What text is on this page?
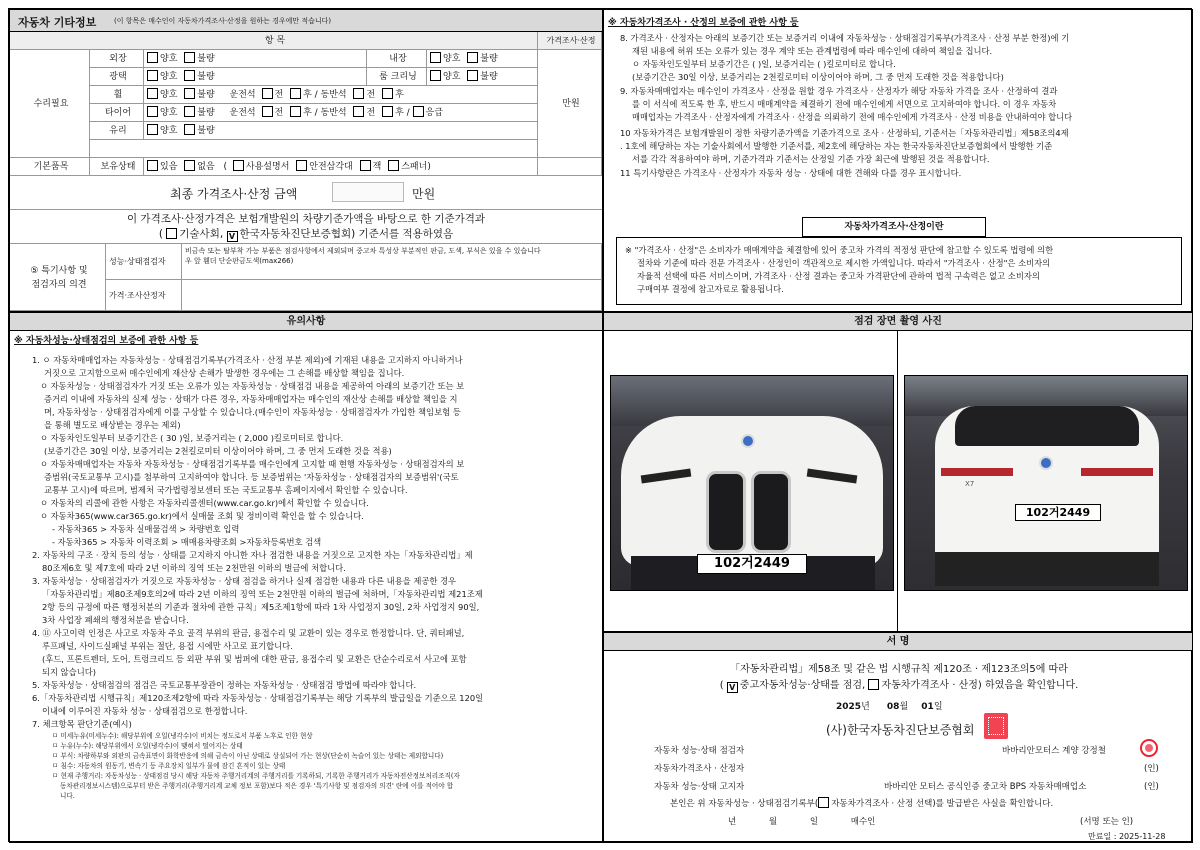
자동차 기타정보	(이 항목은 매수인이 자동차가격조사·산정을 원하는 경우에만 적습니다)
항 목	가격조사·산정
수리필요	만원
외장	양호 불량	내장	양호 불량
광택	양호 불량	룸 크리닝	양호 불량
휠	양호 불량 운전석 전 후 / 동반석 전 후
타이어	양호 불량 운전석 전 후 / 동반석 전 후 / 응급
유리	양호 불량
기본품목	보유상태	있음 없음 ( 사용설명서 안전삼각대 잭 스패너)
최종 가격조사·산정 금액	만원
이 가격조사·산정가격은 보험개발원의 차량기준가액을 바탕으로 한 기준가격과
( 기술사회, V 한국자동차진단보증협회) 기준서를 적용하였음
⑤ 특기사항 및
점검자의 의견
성능·상태점검자
비금속 또는 탈부착 가능 부품은 점검사항에서 제외되며 중고차 특성상 부분적인 판금, 도색, 부식은 있을 수 있습니다
우 앞 휀더 단순판금도색(max266)
가격·조사산정자
유의사항
※ 자동차성능·상태점검의 보증에 관한 사항 등
1. ㅇ 자동차매매업자는 자동차성능 · 상태점검기록부(가격조사 · 산정 부분 제외)에 기재된 내용을 고지하지 아니하거나
거짓으로 고지함으로써 매수인에게 재산상 손해가 발생한 경우에는 그 손해를 배상할 책임을 집니다.
ㅇ 자동차성능 · 상태점검자가 거짓 또는 오류가 있는 자동차성능 · 상태점검 내용을 제공하여 아래의 보증기간 또는 보
증거리 이내에 자동차의 실제 성능 · 상태가 다른 경우, 자동차매매업자는 매수인의 재산상 손해를 배상할 책임을 지
며, 자동차성능 · 상태점검자에게 이를 구상할 수 있습니다.(매수인이 자동차성능 · 상태점검자가 가입한 책임보험 등
을 통해 별도로 배상받는 경우는 제외)
ㅇ 자동차인도일부터 보증기간은 ( 30 )일, 보증거리는 ( 2,000 )킬로미터로 합니다.
(보증기간은 30일 이상, 보증거리는 2천킬로미터 이상이어야 하며, 그 중 먼저 도래한 것을 적용)
ㅇ 자동차매매업자는 자동차 자동차성능 · 상태점검기록부를 매수인에게 고지할 때 현행 자동차성능 · 상태점검자의 보
증범위(국토교통부 고시)를 첨부하여 고지하여야 합니다. 등 보증범위는 '자동차성능 · 상태점검자의 보증범위'(국토
교통부 고시)에 따르며, 범제처 국가법령정보센터 또는 국토교통부 홈페이지에서 확인할 수 있습니다.
ㅇ 자동차의 리콜에 관한 사항은 자동차리콜센터(www.car.go.kr)에서 확인할 수 있습니다.
ㅇ 자동차365(www.car365.go.kr)에서 실매물 조회 및 정비이력 확인을 할 수 있습니다.
- 자동차365 > 자동차 실매물검색 > 차량번호 입력
- 자동차365 > 자동차 이력조회 > 매매용차량조회 >자동차등록번호 검색
2. 자동차의 구조 · 장치 등의 성능 · 상태를 고지하지 아니한 자나 점검한 내용을 거짓으로 고지한 자는「자동차관리법」제
80조제6호 및 제7호에 따라 2년 이하의 징역 또는 2천만원 이하의 벌금에 처합니다.
3. 자동차성능 · 상태점검자가 거짓으로 자동차성능 · 상태 점검을 하거나 실제 점검한 내용과 다른 내용을 제공한 경우
「자동차관리법」제80조제9호의2에 따라 2년 이하의 징역 또는 2천만원 이하의 벌금에 처하며,「자동차관리법 제21조제
2항 등의 규정에 따른 행정처분의 기준과 절차에 관한 규칙」제5조제1항에 따라 1차 사업정지 30일, 2차 사업정지 90일,
3차 사업장 폐쇄의 행정처분을 받습니다.
4. ⑪ 사고이력 인정은 사고로 자동차 주요 골격 부위의 판금, 용접수리 및 교환이 있는 경우로 한정합니다. 단, 쿼터패널,
루프패널, 사이드실패널 부위는 절단, 용접 시에만 사고로 표기합니다.
(후드, 프론트펜더, 도어, 트렁크리드 등 외판 부위 및 범퍼에 대한 판금, 용접수리 및 교환은 단순수리로서 사고에 포함
되지 않습니다)
5. 자동차성능 · 상태점검의 점검은 국토교통부장관이 정하는 자동차성능 · 상태점검 방법에 따라야 합니다.
6.「자동차관리법 시행규칙」제120조제2항에 따라 자동차성능 · 상태점검기록부는 해당 기록부의 발급일을 기준으로 120일
이내에 이루어진 자동차 성능 · 상태점검으로 한정합니다.
7. 체크항목 판단기준(예시)
ㅁ 미세누유(미세누수): 해당부위에 오일(냉각수)이 비치는 정도로서 부품 노후로 인한 현상
ㅁ 누유(누수): 해당부위에서 오일(냉각수)이 맺혀서 떨어지는 상태
ㅁ 부식: 차량하부와 외판의 금속표면이 화학반응에 의해 금속이 아닌 상태로 상실되어 가는 현상(단순히 녹슬어 있는 상태는 제외합니다)
ㅁ 침수: 자동차의 원동기, 변속기 등 주요장치 일부가 물에 잠긴 흔적이 있는 상태
ㅁ 현재 주행거리: 자동차성능 · 상태점검 당시 해당 자동차 주행거리계의 주행거리를 기록하되, 기록한 주행거리가 자동차전산정보처리조직(자
동차관리정보시스템)으로부터 받은 주행거리(주행거리계 교체 정보 포함)보다 적은 경우 '특기사항 및 점검자의 의견' 란에 이를 적어야 합
니다.
※ 자동차가격조사 · 산정의 보증에 관한 사항 등
8. 가격조사 · 산정자는 아래의 보증기간 또는 보증거리 이내에 자동차성능 · 상태점검기록부(가격조사 · 산정 부분 한정)에 기
재된 내용에 허위 또는 오류가 있는 경우 계약 또는 관계법령에 따라 매수인에 대하여 책임을 집니다.
ㅇ 자동차인도일부터 보증기간은 ( )일, 보증거리는 ( )킬로미터로 합니다.
(보증기간은 30일 이상, 보증거리는 2천킬로미터 이상이어야 하며, 그 중 먼저 도래한 것을 적용합니다)
9. 자동차매매업자는 매수인이 가격조사 · 산정을 원할 경우 가격조사 · 산정자가 해당 자동차 가격을 조사 · 산정하여 결과
를 이 서식에 적도록 한 후, 반드시 매매계약을 체결하기 전에 매수인에게 서면으로 고지하여야 합니다. 이 경우 자동차
매매업자는 가격조사 · 산정자에게 가격조사 · 산정을 의뢰하기 전에 매수인에게 가격조사 · 산정 비용을 안내하여야 합니다
10 자동차가격은 보험개발원이 정한 차량기준가액을 기준가격으로 조사 · 산정하되, 기준서는「자동차관리법」제58조의4제
. 1호에 해당하는 자는 기술사회에서 발행한 기준서를, 제2호에 해당하는 자는 한국자동차진단보증협회에서 발행한 기준
서를 각각 적용하여야 하며, 기준가격과 기준서는 산정일 기준 가장 최근에 발행된 것을 적용합니다.
11 특기사항란은 가격조사 · 산정자가 자동차 성능 · 상태에 대한 견해와 다를 경우 표시합니다.
자동차가격조사·산정이란
※ "가격조사 · 산정"은 소비자가 매매계약을 체결함에 있어 중고차 가격의 적정성 판단에 참고할 수 있도록 법령에 의한
절차와 기준에 따라 전문 가격조사 · 산정인이 객관적으로 제시한 가액입니다. 따라서 "가격조사 · 산정"은 소비자의
자율적 선택에 따른 서비스이며, 가격조사 · 산정 결과는 중고차 가격판단에 관하여 법적 구속력은 없고 소비자의
구매여부 결정에 참고자료로 활용됩니다.
점검 장면 촬영 사진
102거2449
X7
102거2449
서 명
「자동차관리법」제58조 및 같은 법 시행규칙 제120조 · 제123조의5에 따라
( V 중고자동차성능·상태를 점검, 자동차가격조사 · 산정) 하였음을 확인합니다.
2025년 08월 01일
(사)한국자동차진단보증협회
자동차 성능·상태 점검자	바바리안모터스 계양 강정철
자동차가격조사 · 산정자	(인)
자동차 성능·상태 고지자	바바리안 모터스 공식인증 중고차 BPS 자동차매매업소	(인)
본인은 위 자동차성능 · 상태점검기록부( 자동차가격조사 · 산정 선택)를 발급받은 사실을 확인합니다.
년 월 일 매수인	(서명 또는 인)
만료일 : 2025-11-28
